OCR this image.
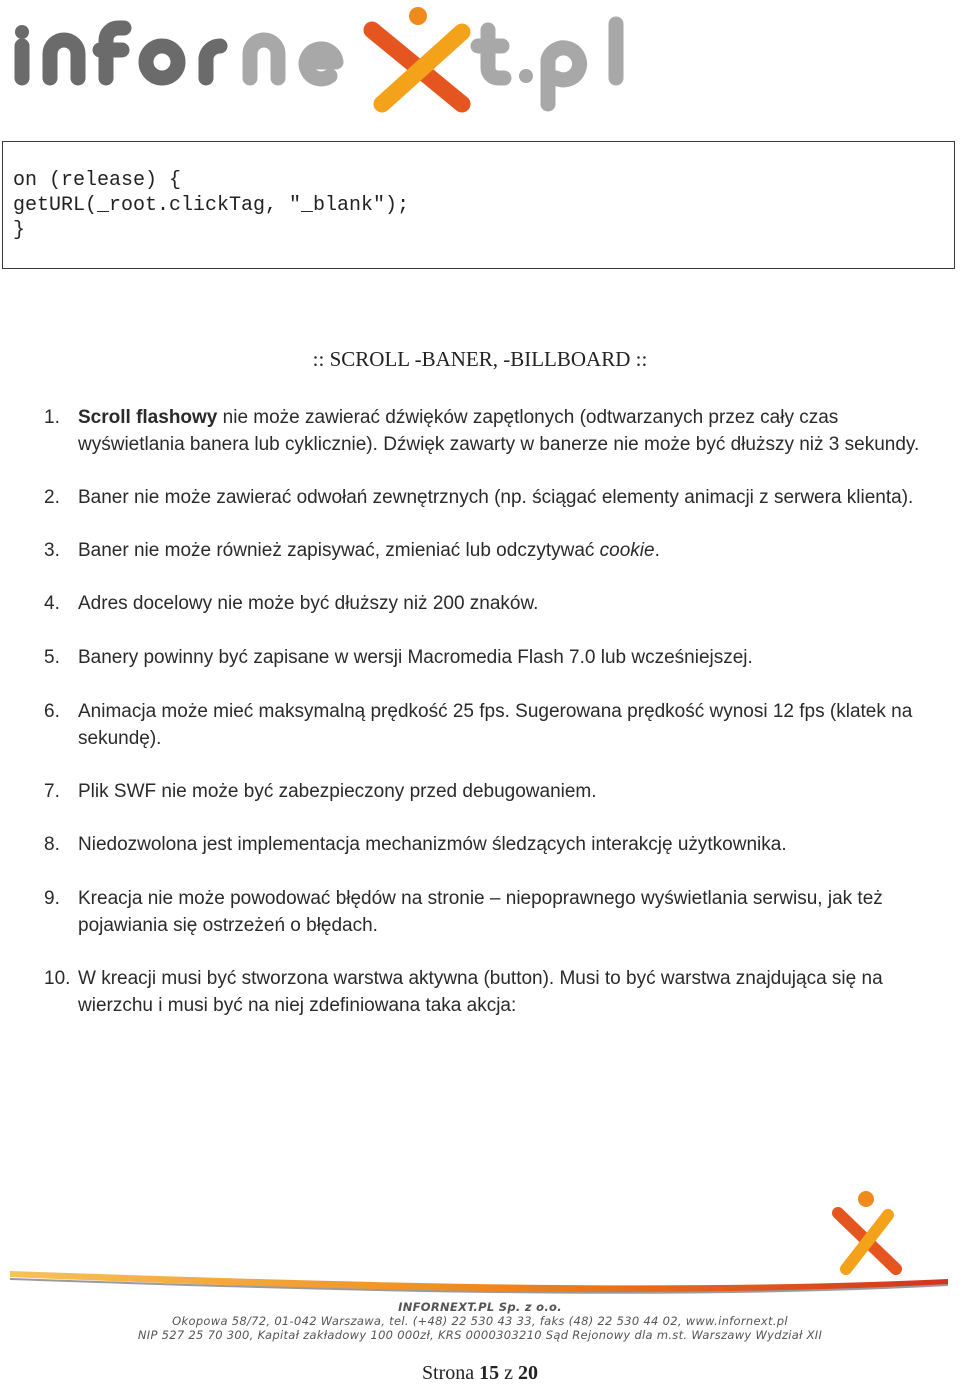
on (release) {
getURL(_root.clickTag, "_blank");
}
:: SCROLL -BANER, -BILLBOARD ::
1. Scroll flashowy nie może zawierać dźwięków zapętlonych (odtwarzanych przez cały czas wyświetlania banera lub cyklicznie). Dźwięk zawarty w banerze nie może być dłuższy niż 3 sekundy.
2. Baner nie może zawierać odwołań zewnętrznych (np. ściągać elementy animacji z serwera klienta).
3. Baner nie może również zapisywać, zmieniać lub odczytywać cookie.
4. Adres docelowy nie może być dłuższy niż 200 znaków.
5. Banery powinny być zapisane w wersji Macromedia Flash 7.0 lub wcześniejszej.
6. Animacja może mieć maksymalną prędkość 25 fps. Sugerowana prędkość wynosi 12 fps (klatek na sekundę).
7. Plik SWF nie może być zabezpieczony przed debugowaniem.
8. Niedozwolona jest implementacja mechanizmów śledzących interakcję użytkownika.
9. Kreacja nie może powodować błędów na stronie – niepoprawnego wyświetlania serwisu, jak też pojawiania się ostrzeżeń o błędach.
10. W kreacji musi być stworzona warstwa aktywna (button). Musi to być warstwa znajdująca się na wierzchu i musi być na niej zdefiniowana taka akcja:
INFORNEXT.PL Sp. z o.o.
Okopowa 58/72, 01-042 Warszawa, tel. (+48) 22 530 43 33, faks (48) 22 530 44 02, www.infornext.pl
NIP 527 25 70 300, Kapitał zakładowy 100 000zł, KRS 0000303210 Sąd Rejonowy dla m.st. Warszawy Wydział XII
Strona 15 z 20
